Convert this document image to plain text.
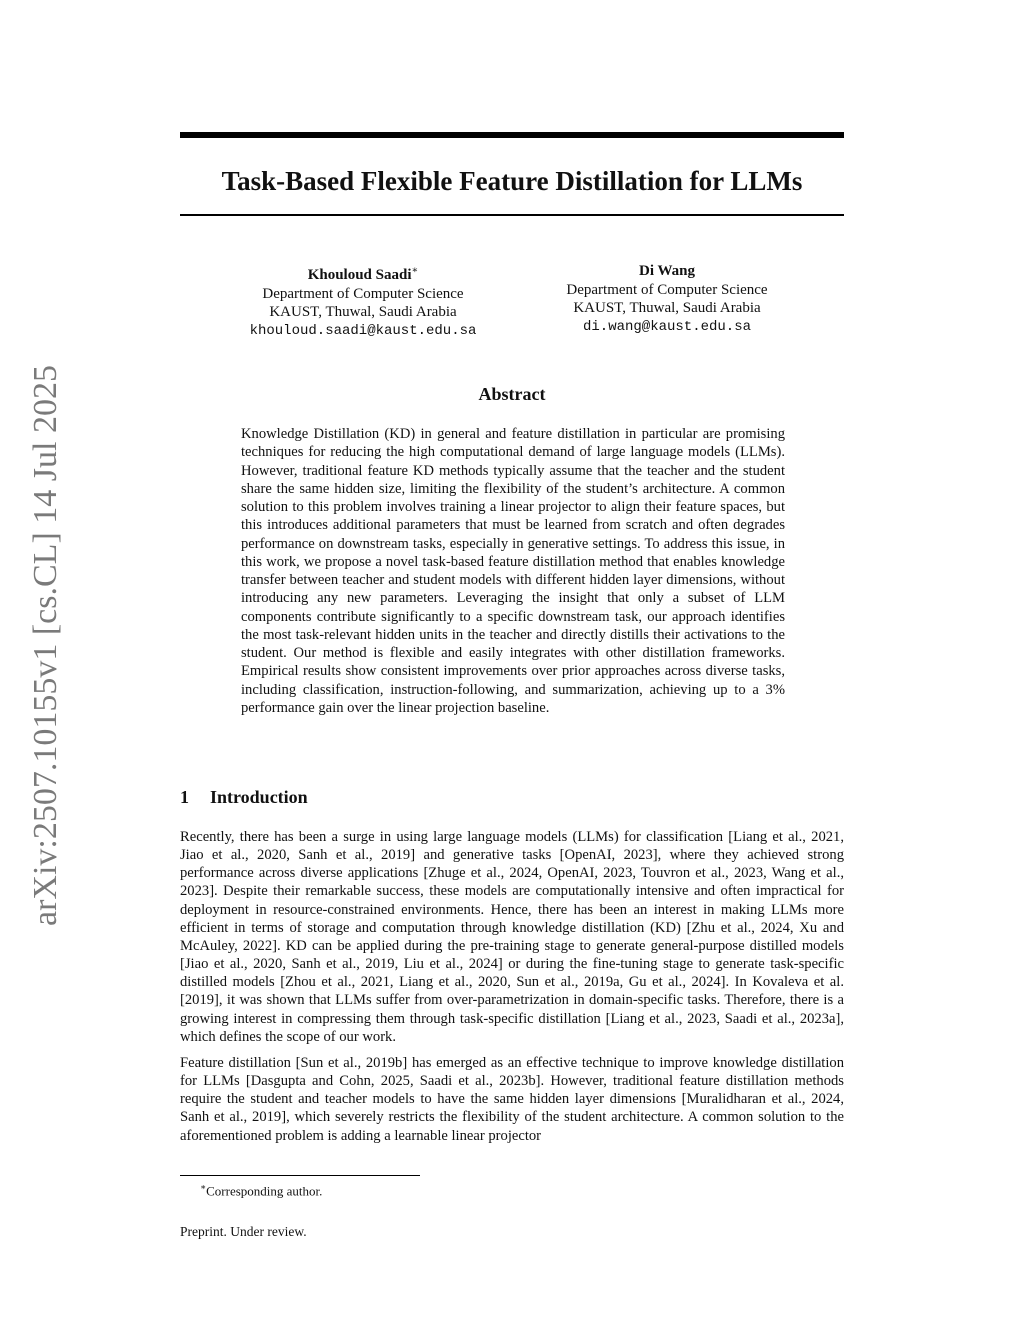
arXiv:2507.10155v1 [cs.CL] 14 Jul 2025
Task-Based Flexible Feature Distillation for LLMs
Khouloud Saadi∗
Department of Computer Science
KAUST, Thuwal, Saudi Arabia
khouloud.saadi@kaust.edu.sa
Di Wang
Department of Computer Science
KAUST, Thuwal, Saudi Arabia
di.wang@kaust.edu.sa
Abstract

Knowledge Distillation (KD) in general and feature distillation in particular are promising techniques for reducing the high computational demand of large language models (LLMs). However, traditional feature KD methods typically assume that the teacher and the student share the same hidden size, limiting the flexibility of the student’s architecture. A common solution to this problem involves training a linear projector to align their feature spaces, but this introduces additional parameters that must be learned from scratch and often degrades performance on downstream tasks, especially in generative settings. To address this issue, in this work, we propose a novel task-based feature distillation method that enables knowledge transfer between teacher and student models with different hidden layer dimensions, without introducing any new parameters. Leveraging the insight that only a subset of LLM components contribute significantly to a specific downstream task, our approach identifies the most task-relevant hidden units in the teacher and directly distills their activations to the student. Our method is flexible and easily integrates with other distillation frameworks. Empirical results show consistent improvements over prior approaches across diverse tasks, including classification, instruction-following, and summarization, achieving up to a 3% performance gain over the linear projection baseline.

1 Introduction

Recently, there has been a surge in using large language models (LLMs) for classification [Liang et al., 2021, Jiao et al., 2020, Sanh et al., 2019] and generative tasks [OpenAI, 2023], where they achieved strong performance across diverse applications [Zhuge et al., 2024, OpenAI, 2023, Touvron et al., 2023, Wang et al., 2023]. Despite their remarkable success, these models are computationally intensive and often impractical for deployment in resource-constrained environments. Hence, there has been an interest in making LLMs more efficient in terms of storage and computation through knowledge distillation (KD) [Zhu et al., 2024, Xu and McAuley, 2022]. KD can be applied during the pre-training stage to generate general-purpose distilled models [Jiao et al., 2020, Sanh et al., 2019, Liu et al., 2024] or during the fine-tuning stage to generate task-specific distilled models [Zhou et al., 2021, Liang et al., 2020, Sun et al., 2019a, Gu et al., 2024]. In Kovaleva et al. [2019], it was shown that LLMs suffer from over-parametrization in domain-specific tasks. Therefore, there is a growing interest in compressing them through task-specific distillation [Liang et al., 2023, Saadi et al., 2023a], which defines the scope of our work.

Feature distillation [Sun et al., 2019b] has emerged as an effective technique to improve knowledge distillation for LLMs [Dasgupta and Cohn, 2025, Saadi et al., 2023b]. However, traditional feature distillation methods require the student and teacher models to have the same hidden layer dimensions [Muralidharan et al., 2024, Sanh et al., 2019], which severely restricts the flexibility of the student architecture. A common solution to the aforementioned problem is adding a learnable linear projector

∗Corresponding author.
Preprint. Under review.
